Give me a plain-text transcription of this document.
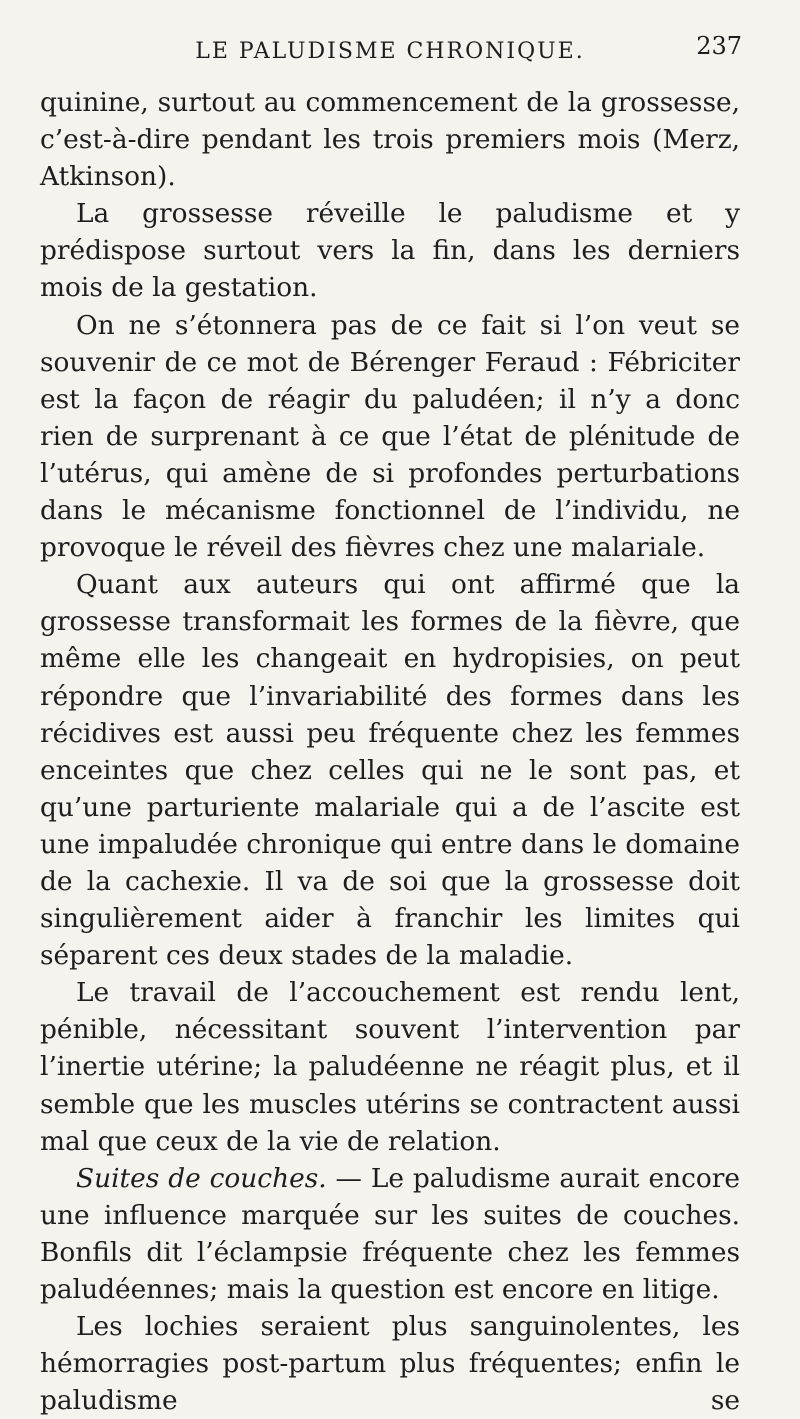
LE PALUDISME CHRONIQUE.	237

quinine, surtout au commencement de la grossesse, c’est-à-dire pendant les trois premiers mois (Merz, Atkinson).

La grossesse réveille le paludisme et y prédispose surtout vers la fin, dans les derniers mois de la gestation.

On ne s’étonnera pas de ce fait si l’on veut se souvenir de ce mot de Bérenger Feraud : Fébriciter est la façon de réagir du paludéen; il n’y a donc rien de surprenant à ce que l’état de plénitude de l’utérus, qui amène de si profondes perturbations dans le mécanisme fonctionnel de l’individu, ne provoque le réveil des fièvres chez une malariale.

Quant aux auteurs qui ont affirmé que la grossesse transformait les formes de la fièvre, que même elle les changeait en hydropisies, on peut répondre que l’invariabilité des formes dans les récidives est aussi peu fréquente chez les femmes enceintes que chez celles qui ne le sont pas, et qu’une parturiente malariale qui a de l’ascite est une impaludée chronique qui entre dans le domaine de la cachexie. Il va de soi que la grossesse doit singulièrement aider à franchir les limites qui séparent ces deux stades de la maladie.

Le travail de l’accouchement est rendu lent, pénible, nécessitant souvent l’intervention par l’inertie utérine; la paludéenne ne réagit plus, et il semble que les muscles utérins se contractent aussi mal que ceux de la vie de relation.

Suites de couches. — Le paludisme aurait encore une influence marquée sur les suites de couches. Bonfils dit l’éclampsie fréquente chez les femmes paludéennes; mais la question est encore en litige.

Les lochies seraient plus sanguinolentes, les hémorragies post-partum plus fréquentes; enfin le paludisme se
